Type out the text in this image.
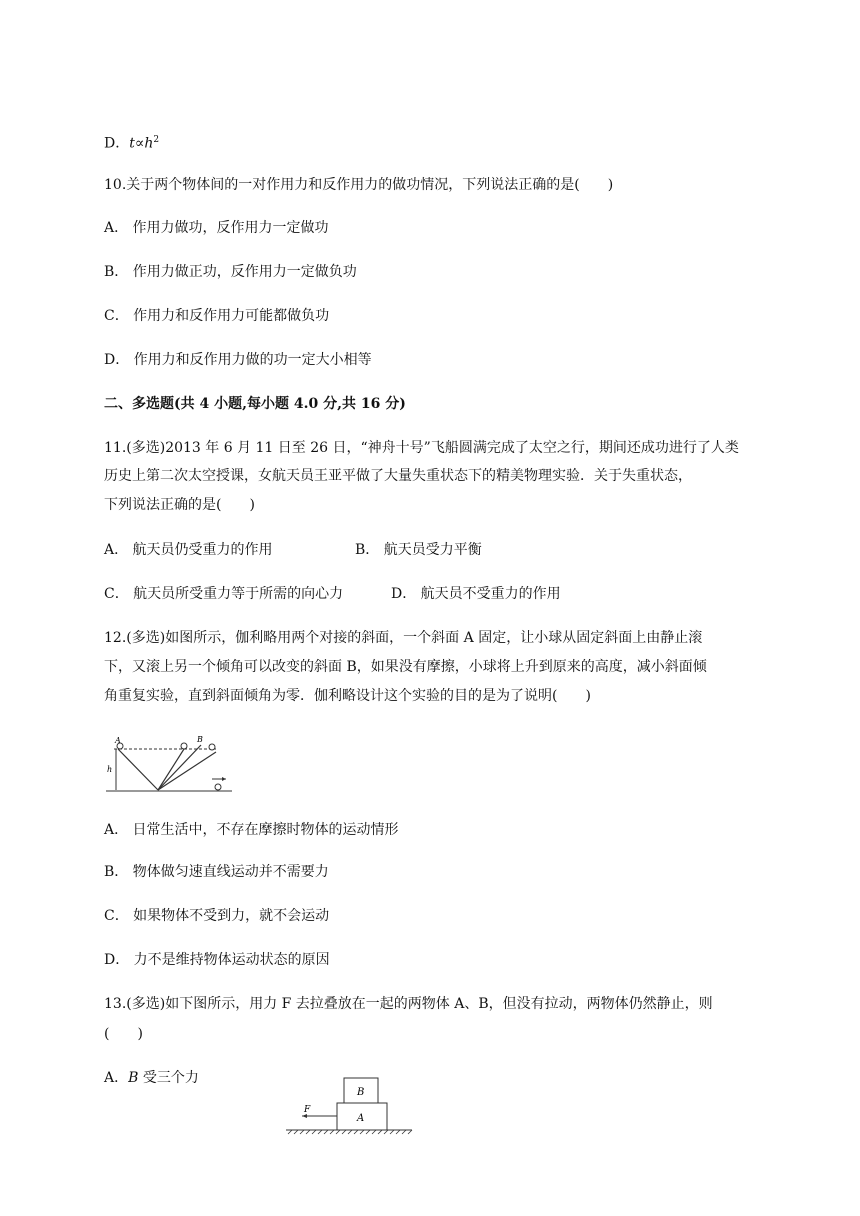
D．$t\propto h^2$
10.关于两个物体间的一对作用力和反作用力的做功情况，下列说法正确的是(　　)
A． 作用力做功，反作用力一定做功
B． 作用力做正功，反作用力一定做负功
C． 作用力和反作用力可能都做负功
D． 作用力和反作用力做的功一定大小相等
二、多选题(共 4 小题,每小题 4.0 分,共 16 分)
11.(多选)2013 年 6 月 11 日至 26 日，“神舟十号”飞船圆满完成了太空之行，期间还成功进行了人类
历史上第二次太空授课，女航天员王亚平做了大量失重状态下的精美物理实验．关于失重状态，
下列说法正确的是(　　)
A． 航天员仍受重力的作用	B． 航天员受力平衡
C． 航天员所受重力等于所需的向心力	D． 航天员不受重力的作用
12.(多选)如图所示，伽利略用两个对接的斜面，一个斜面 A 固定，让小球从固定斜面上由静止滚
下，又滚上另一个倾角可以改变的斜面 B，如果没有摩擦，小球将上升到原来的高度，减小斜面倾
角重复实验，直到斜面倾角为零．伽利略设计这个实验的目的是为了说明(　　)
A	B
h
A． 日常生活中，不存在摩擦时物体的运动情形
B． 物体做匀速直线运动并不需要力
C． 如果物体不受到力，就不会运动
D． 力不是维持物体运动状态的原因
13.(多选)如下图所示，用力 F 去拉叠放在一起的两物体 A、B，但没有拉动，两物体仍然静止，则
(　　)
A．B 受三个力
B
A
F
